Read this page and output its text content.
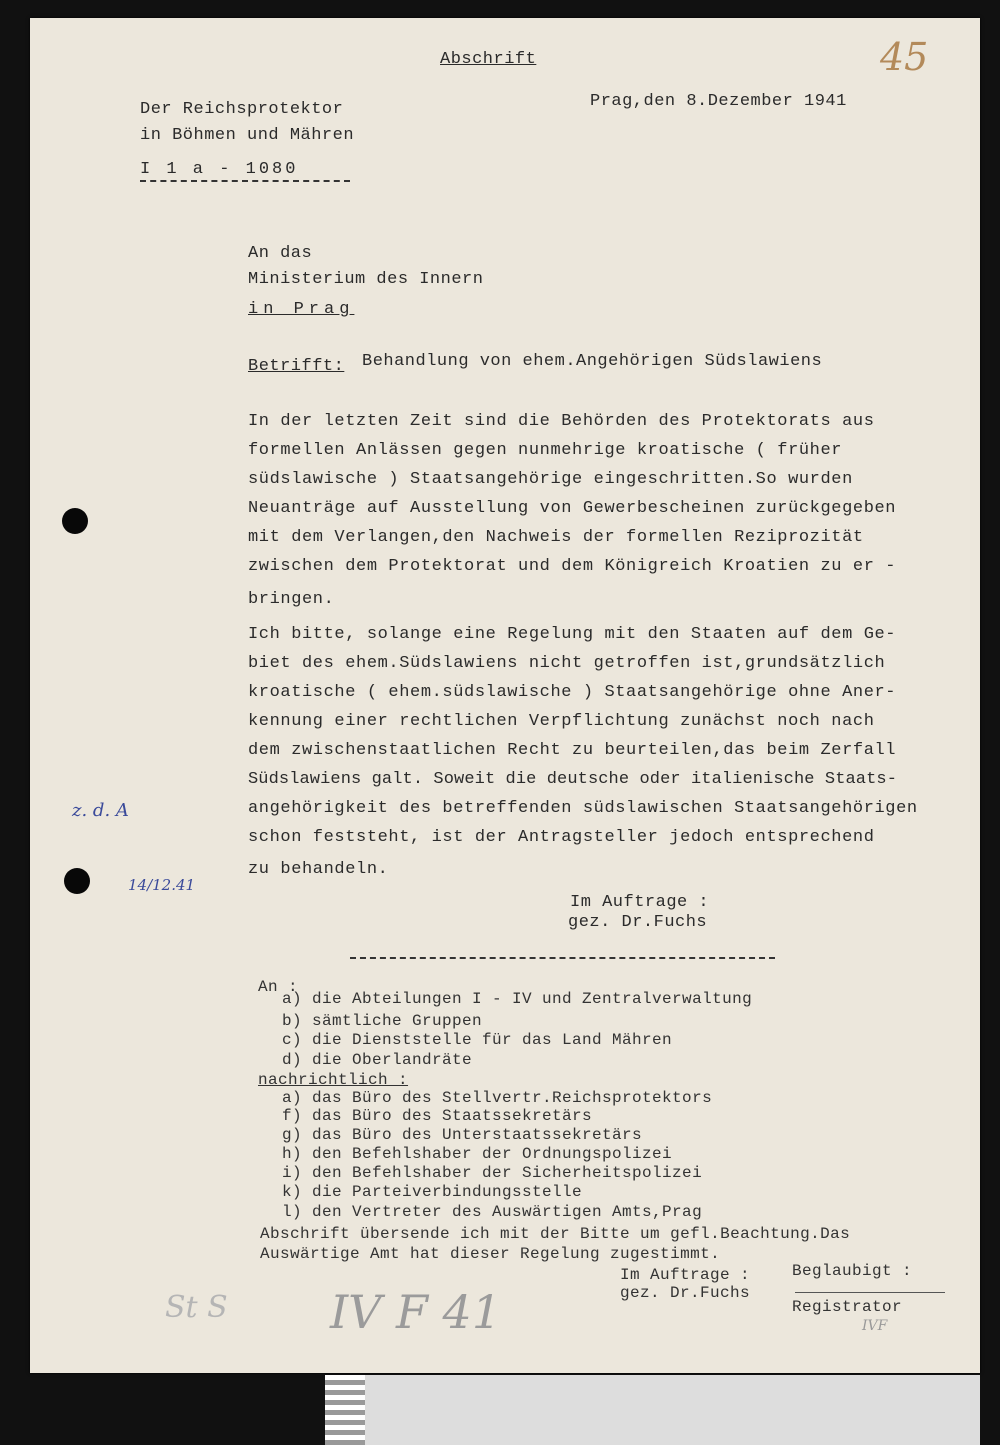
Abschrift
Der Reichsprotektor
in Böhmen und Mähren
I 1 a - 1080
Prag,den 8.Dezember 1941
45
An das
Ministerium des Innern
in Prag
Betrifft: Behandlung von ehem.Angehörigen Südslawiens
In der letzten Zeit sind die Behörden des Protektorats aus
formellen Anlässen gegen nunmehrige kroatische ( früher
südslawische ) Staatsangehörige eingeschritten.So wurden
Neuanträge auf Ausstellung von Gewerbescheinen zurückgegeben
mit dem Verlangen,den Nachweis der formellen Reziprozität
zwischen dem Protektorat und dem Königreich Kroatien zu er -
bringen.
Ich bitte, solange eine Regelung mit den Staaten auf dem Ge-
biet des ehem.Südslawiens nicht getroffen ist,grundsätzlich
kroatische ( ehem.südslawische ) Staatsangehörige ohne Aner-
kennung einer rechtlichen Verpflichtung zunächst noch nach
dem zwischenstaatlichen Recht zu beurteilen,das beim Zerfall
Südslawiens galt. Soweit die deutsche oder italienische Staats-
angehörigkeit des betreffenden südslawischen Staatsangehörigen
schon feststeht, ist der Antragsteller jedoch entsprechend
zu behandeln.
Im Auftrage :
gez. Dr.Fuchs
An :
a) die Abteilungen I - IV und Zentralverwaltung
b) sämtliche Gruppen
c) die Dienststelle für das Land Mähren
d) die Oberlandräte
nachrichtlich :
a) das Büro des Stellvertr.Reichsprotektors
f) das Büro des Staatssekretärs
g) das Büro des Unterstaatssekretärs
h) den Befehlshaber der Ordnungspolizei
i) den Befehlshaber der Sicherheitspolizei
k) die Parteiverbindungsstelle
l) den Vertreter des Auswärtigen Amts,Prag
Abschrift übersende ich mit der Bitte um gefl.Beachtung.Das
Auswärtige Amt hat dieser Regelung zugestimmt.
Im Auftrage :
gez. Dr.Fuchs
Beglaubigt :
Registrator
z. d. A
14/12.41
IV F 41
St S
IVF
